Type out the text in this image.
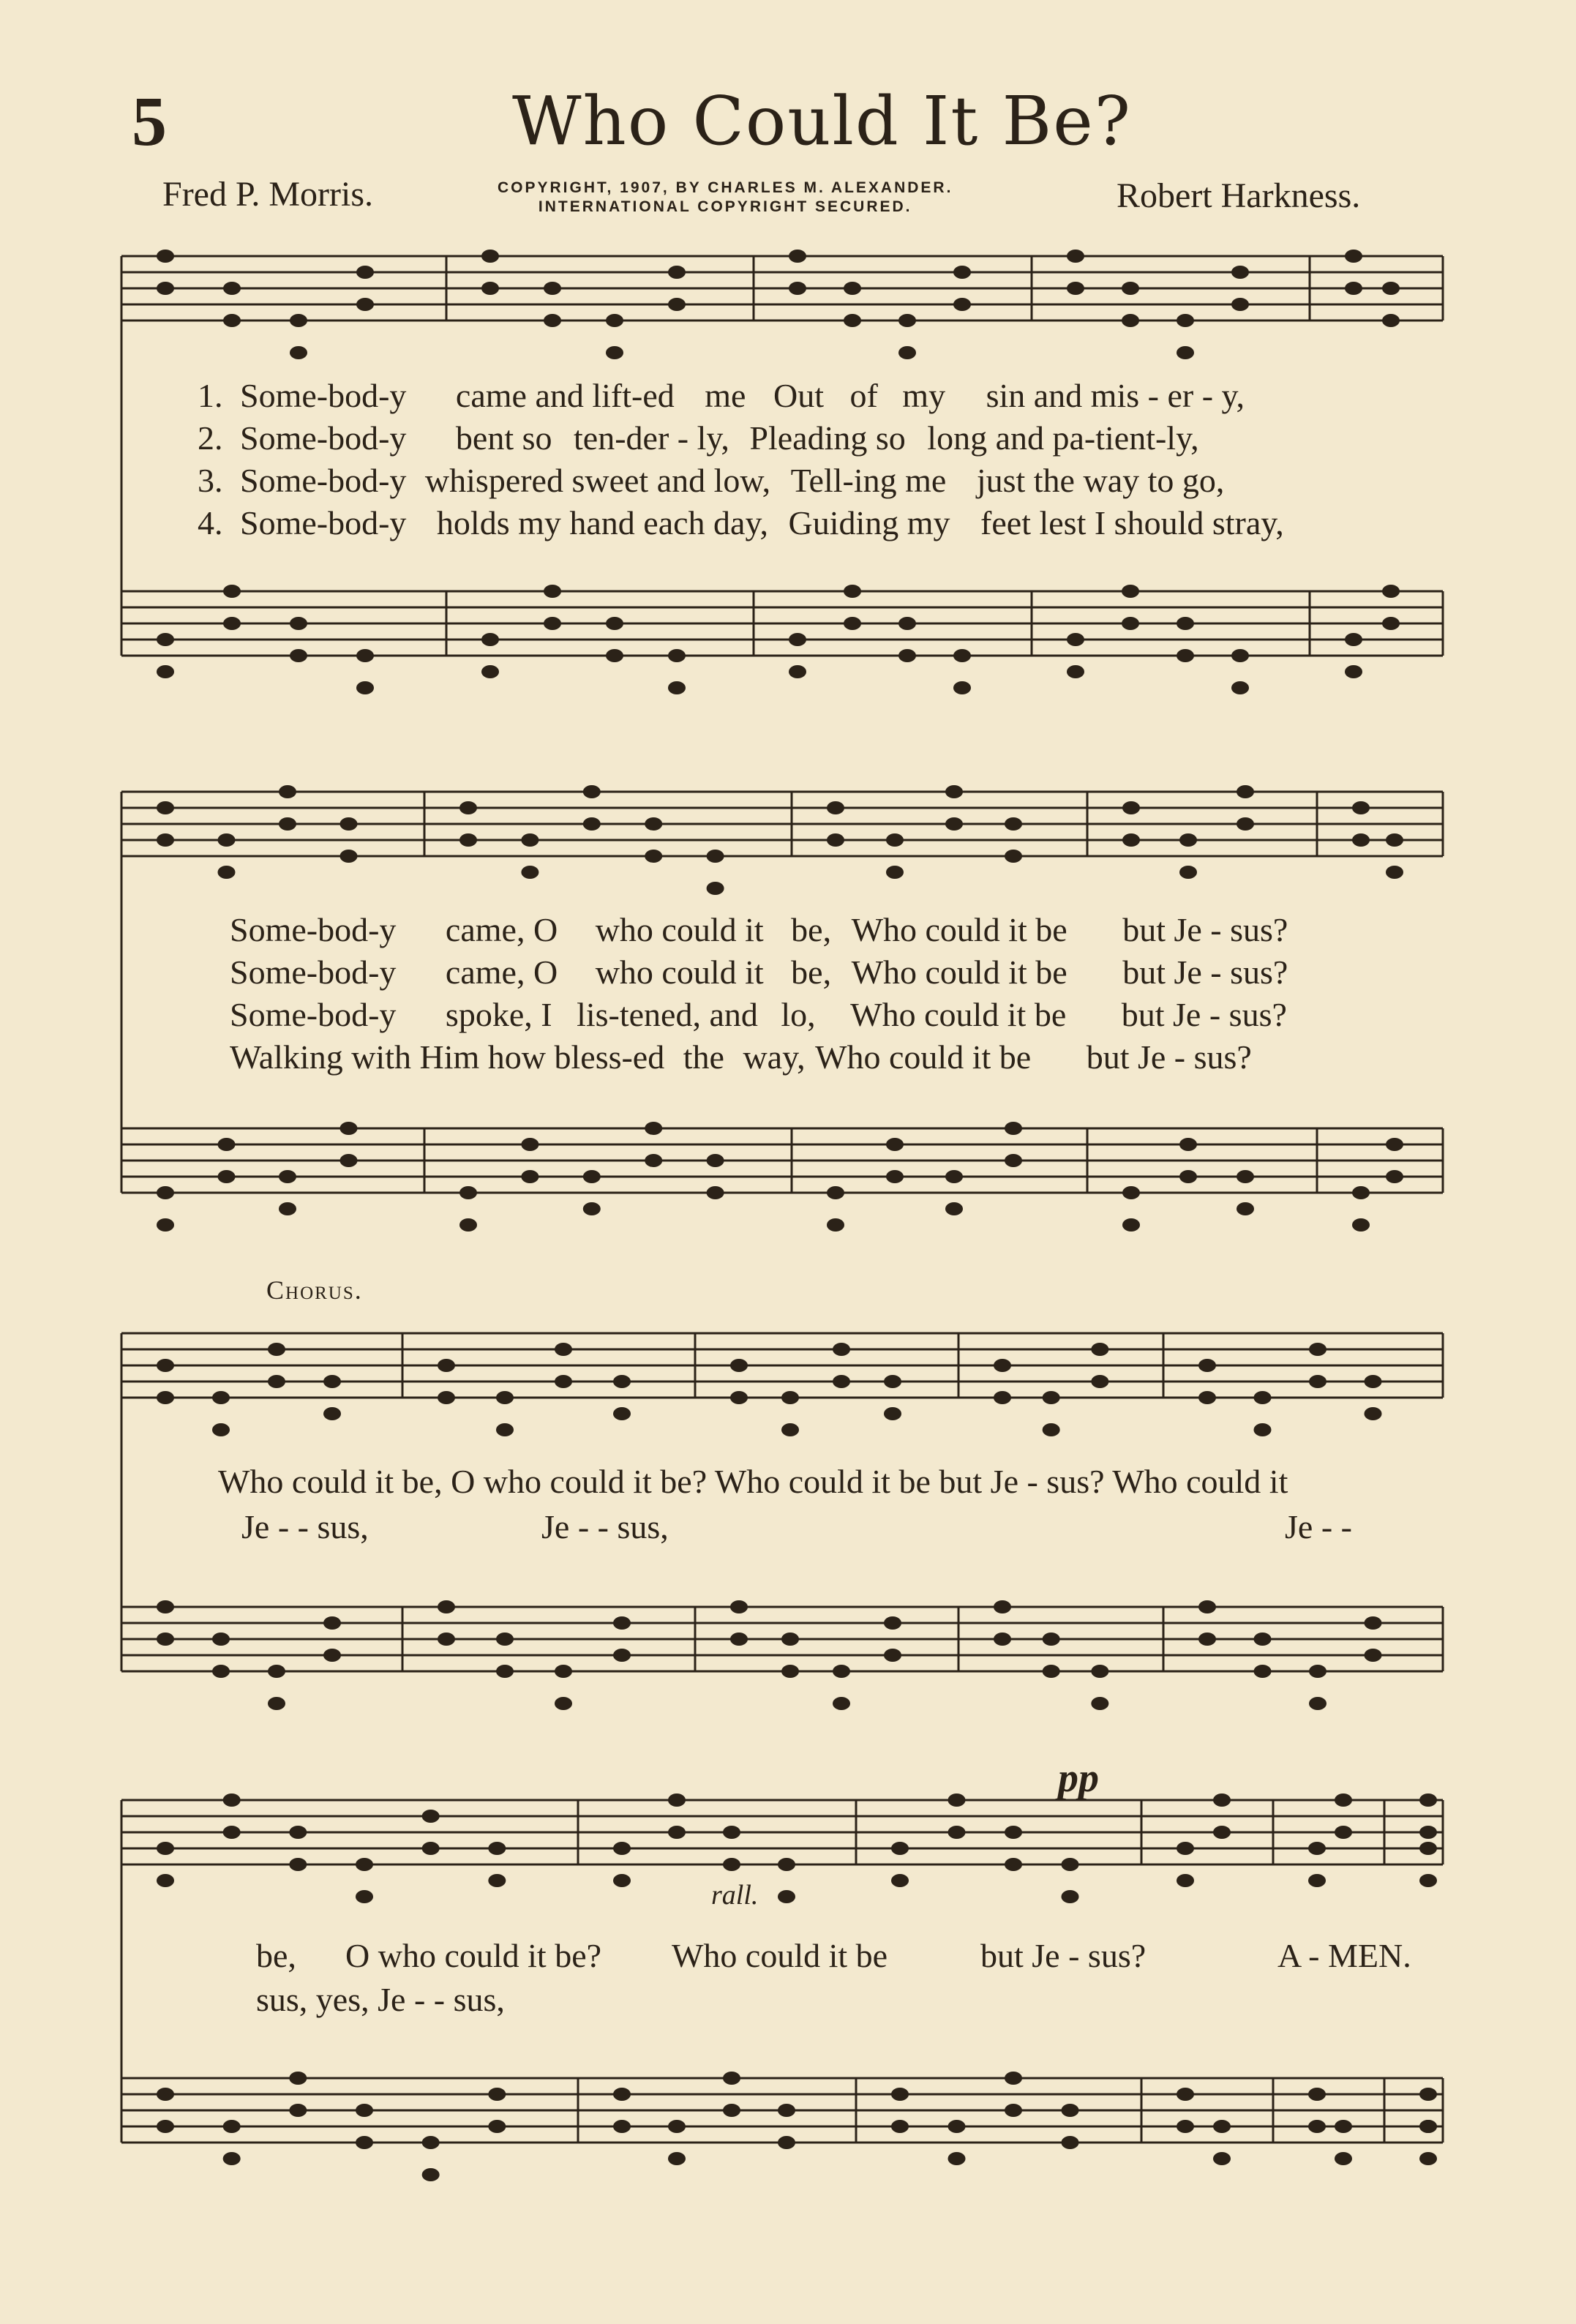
5	Who Could It Be?
Fred P. Morris.	COPYRIGHT, 1907, BY CHARLES M. ALEXANDER.
INTERNATIONAL COPYRIGHT SECURED.	Robert Harkness.
1. Some-bod-y came and lift-ed me Out of my sin and mis - er - y,
2. Some-bod-y bent so ten-der - ly, Pleading so long and pa-tient-ly,
3. Some-bod-y whispered sweet and low, Tell-ing me just the way to go,
4. Some-bod-y holds my hand each day, Guiding my feet lest I should stray,
Some-bod-y came, O who could it be, Who could it be but Je - sus?
Some-bod-y came, O who could it be, Who could it be but Je - sus?
Some-bod-y spoke, I lis-tened, and lo, Who could it be but Je - sus?
Walking with Him how bless-ed the way, Who could it be but Je - sus?
Chorus.
Who could it be, O who could it be? Who could it be but Je - sus? Who could it
Je - - sus,	Je - - sus,	Je - -
be, O who could it be? Who could it be	but Je - sus?	A - MEN.
sus, yes, Je - - sus,
rall.
pp
